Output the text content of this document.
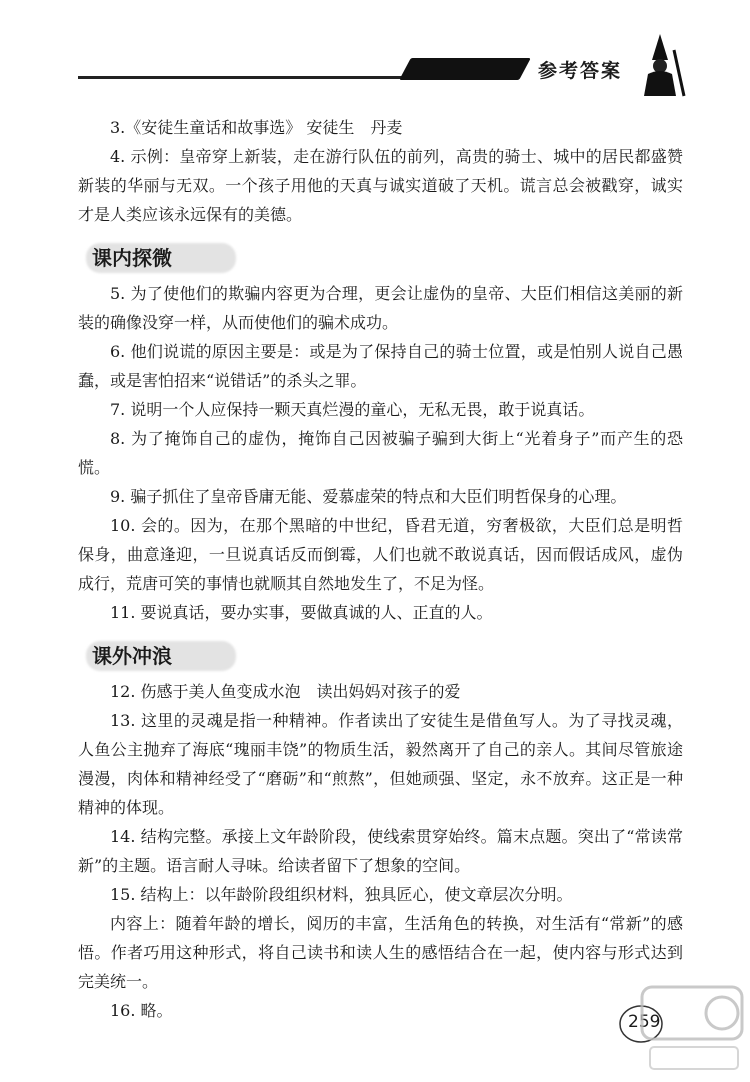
参考答案

3.《安徒生童话和故事选》 安徒生　丹麦

4. 示例：皇帝穿上新装，走在游行队伍的前列，高贵的骑士、城中的居民都盛赞新装的华丽与无双。一个孩子用他的天真与诚实道破了天机。谎言总会被戳穿，诚实才是人类应该永远保有的美德。

课内探微

5. 为了使他们的欺骗内容更为合理，更会让虚伪的皇帝、大臣们相信这美丽的新装的确像没穿一样，从而使他们的骗术成功。

6. 他们说谎的原因主要是：或是为了保持自己的骑士位置，或是怕别人说自己愚蠢，或是害怕招来“说错话”的杀头之罪。

7. 说明一个人应保持一颗天真烂漫的童心，无私无畏，敢于说真话。

8. 为了掩饰自己的虚伪，掩饰自己因被骗子骗到大街上“光着身子”而产生的恐慌。

9. 骗子抓住了皇帝昏庸无能、爱慕虚荣的特点和大臣们明哲保身的心理。

10. 会的。因为，在那个黑暗的中世纪，昏君无道，穷奢极欲，大臣们总是明哲保身，曲意逢迎，一旦说真话反而倒霉，人们也就不敢说真话，因而假话成风，虚伪成行，荒唐可笑的事情也就顺其自然地发生了，不足为怪。

11. 要说真话，要办实事，要做真诚的人、正直的人。

课外冲浪

12. 伤感于美人鱼变成水泡　读出妈妈对孩子的爱

13. 这里的灵魂是指一种精神。作者读出了安徒生是借鱼写人。为了寻找灵魂，人鱼公主抛弃了海底“瑰丽丰饶”的物质生活，毅然离开了自己的亲人。其间尽管旅途漫漫，肉体和精神经受了“磨砺”和“煎熬”，但她顽强、坚定，永不放弃。这正是一种精神的体现。

14. 结构完整。承接上文年龄阶段，使线索贯穿始终。篇末点题。突出了“常读常新”的主题。语言耐人寻味。给读者留下了想象的空间。

15. 结构上：以年龄阶段组织材料，独具匠心，使文章层次分明。

内容上：随着年龄的增长，阅历的丰富，生活角色的转换，对生活有“常新”的感悟。作者巧用这种形式，将自己读书和读人生的感悟结合在一起，使内容与形式达到完美统一。

16. 略。

259
